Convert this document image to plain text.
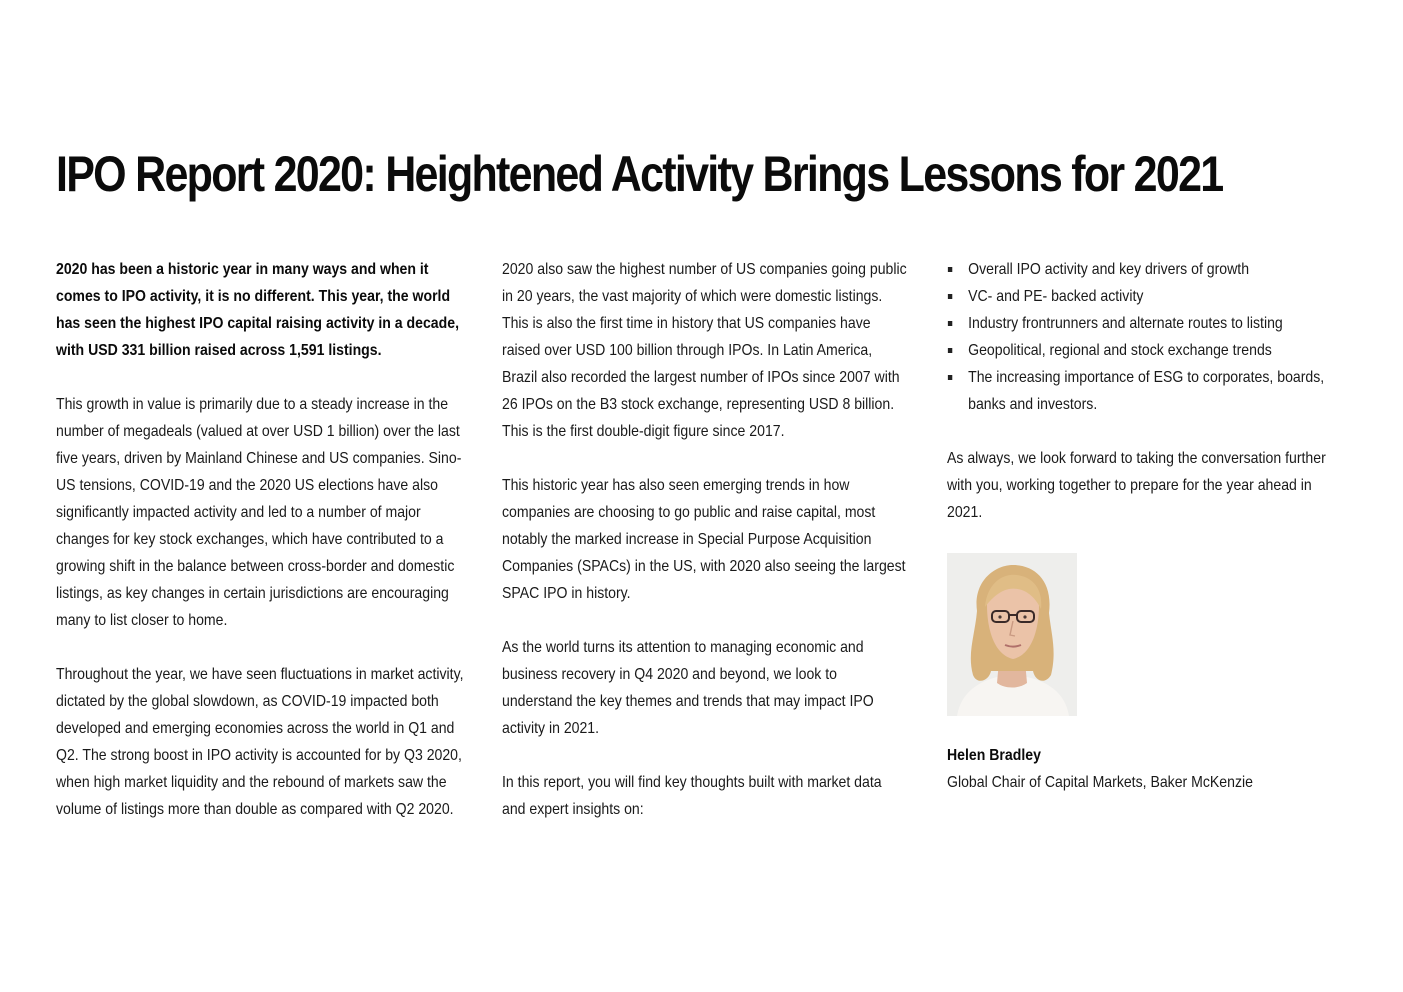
IPO Report 2020: Heightened Activity Brings Lessons for 2021

2020 has been a historic year in many ways and when it comes to IPO activity, it is no different. This year, the world has seen the highest IPO capital raising activity in a decade, with USD 331 billion raised across 1,591 listings.

This growth in value is primarily due to a steady increase in the number of megadeals (valued at over USD 1 billion) over the last five years, driven by Mainland Chinese and US companies. Sino-US tensions, COVID-19 and the 2020 US elections have also significantly impacted activity and led to a number of major changes for key stock exchanges, which have contributed to a growing shift in the balance between cross-border and domestic listings, as key changes in certain jurisdictions are encouraging many to list closer to home.

Throughout the year, we have seen fluctuations in market activity, dictated by the global slowdown, as COVID-19 impacted both developed and emerging economies across the world in Q1 and Q2. The strong boost in IPO activity is accounted for by Q3 2020, when high market liquidity and the rebound of markets saw the volume of listings more than double as compared with Q2 2020.

2020 also saw the highest number of US companies going public in 20 years, the vast majority of which were domestic listings. This is also the first time in history that US companies have raised over USD 100 billion through IPOs. In Latin America, Brazil also recorded the largest number of IPOs since 2007 with 26 IPOs on the B3 stock exchange, representing USD 8 billion. This is the first double-digit figure since 2017.

This historic year has also seen emerging trends in how companies are choosing to go public and raise capital, most notably the marked increase in Special Purpose Acquisition Companies (SPACs) in the US, with 2020 also seeing the largest SPAC IPO in history.

As the world turns its attention to managing economic and business recovery in Q4 2020 and beyond, we look to understand the key themes and trends that may impact IPO activity in 2021.

In this report, you will find key thoughts built with market data and expert insights on:

Overall IPO activity and key drivers of growth
VC- and PE- backed activity
Industry frontrunners and alternate routes to listing
Geopolitical, regional and stock exchange trends
The increasing importance of ESG to corporates, boards, banks and investors.

As always, we look forward to taking the conversation further with you, working together to prepare for the year ahead in 2021.

Helen Bradley
Global Chair of Capital Markets, Baker McKenzie
